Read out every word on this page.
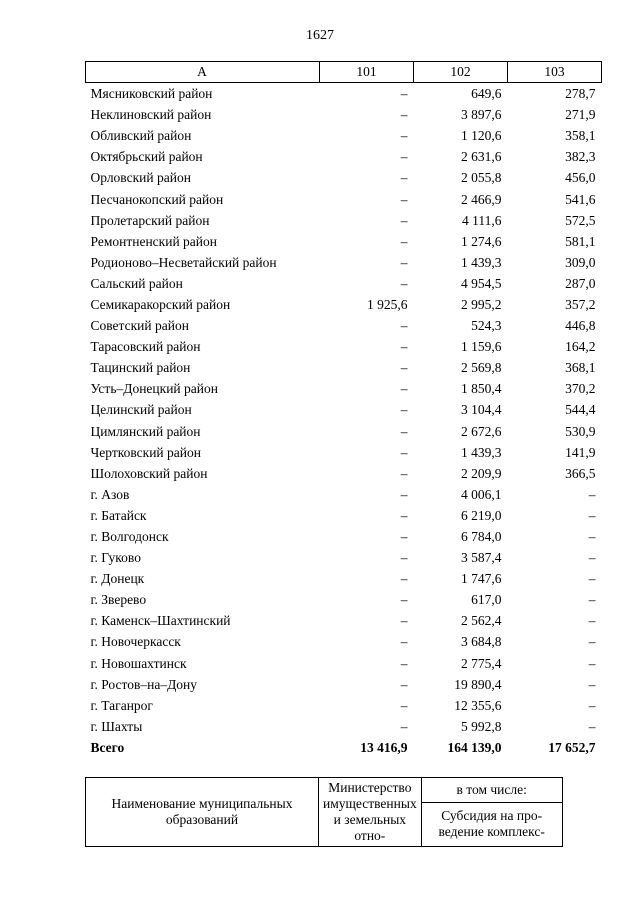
1627
А	101	102	103
Мясниковский район	–	649,6	278,7
Неклиновский район	–	3 897,6	271,9
Обливский район	–	1 120,6	358,1
Октябрьский район	–	2 631,6	382,3
Орловский район	–	2 055,8	456,0
Песчанокопский район	–	2 466,9	541,6
Пролетарский район	–	4 111,6	572,5
Ремонтненский район	–	1 274,6	581,1
Родионово–Несветайский район	–	1 439,3	309,0
Сальский район	–	4 954,5	287,0
Семикаракорский район	1 925,6	2 995,2	357,2
Советский район	–	524,3	446,8
Тарасовский район	–	1 159,6	164,2
Тацинский район	–	2 569,8	368,1
Усть–Донецкий район	–	1 850,4	370,2
Целинский район	–	3 104,4	544,4
Цимлянский район	–	2 672,6	530,9
Чертковский район	–	1 439,3	141,9
Шолоховский район	–	2 209,9	366,5
г. Азов	–	4 006,1	–
г. Батайск	–	6 219,0	–
г. Волгодонск	–	6 784,0	–
г. Гуково	–	3 587,4	–
г. Донецк	–	1 747,6	–
г. Зверево	–	617,0	–
г. Каменск–Шахтинский	–	2 562,4	–
г. Новочеркасск	–	3 684,8	–
г. Новошахтинск	–	2 775,4	–
г. Ростов–на–Дону	–	19 890,4	–
г. Таганрог	–	12 355,6	–
г. Шахты	–	5 992,8	–
Всего	13 416,9	164 139,0	17 652,7
Наименование муниципальных образований	Министерство имущественных и земельных отно-	в том числе:
Субсидия на проведение комплекс-
